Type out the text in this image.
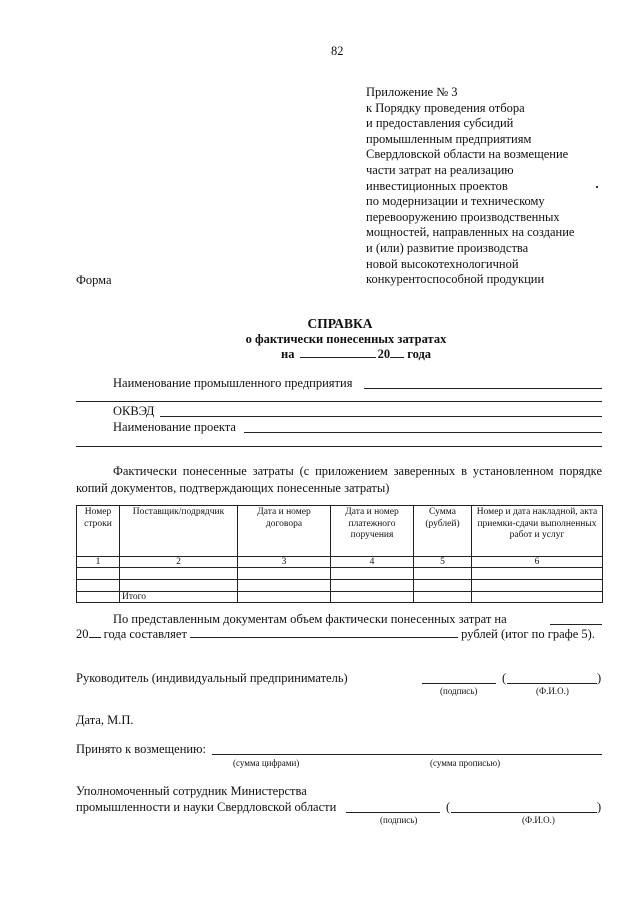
82
Приложение № 3
к Порядку проведения отбора
и предоставления субсидий
промышленным предприятиям
Свердловской области на возмещение
части затрат на реализацию
инвестиционных проектов
по модернизации и техническому
перевооружению производственных
мощностей, направленных на создание
и (или) развитие производства
новой высокотехнологичной
конкурентоспособной продукции
Форма
СПРАВКА
о фактически понесенных затратах
на	20 года
Наименование промышленного предприятия
ОКВЭД
Наименование проекта
Фактически понесенные затраты (с приложением заверенных в установленном порядке копий документов, подтверждающих понесенные затраты)
Номер строки	Поставщик/подрядчик	Дата и номер договора	Дата и номер платежного поручения	Сумма (рублей)	Номер и дата накладной, акта приемки-сдачи выполненных работ и услуг
1	2	3	4	5	6

	Итого				
По представленным документам объем фактически понесенных затрат на
20 года составляет	рублей (итог по графе 5).
Руководитель (индивидуальный предприниматель)	(	)
(подпись)	(Ф.И.О.)
Дата, М.П.
Принято к возмещению:
(сумма цифрами)	(сумма прописью)
Уполномоченный сотрудник Министерства
промышленности и науки Свердловской области	(	)
(подпись)	(Ф.И.О.)
